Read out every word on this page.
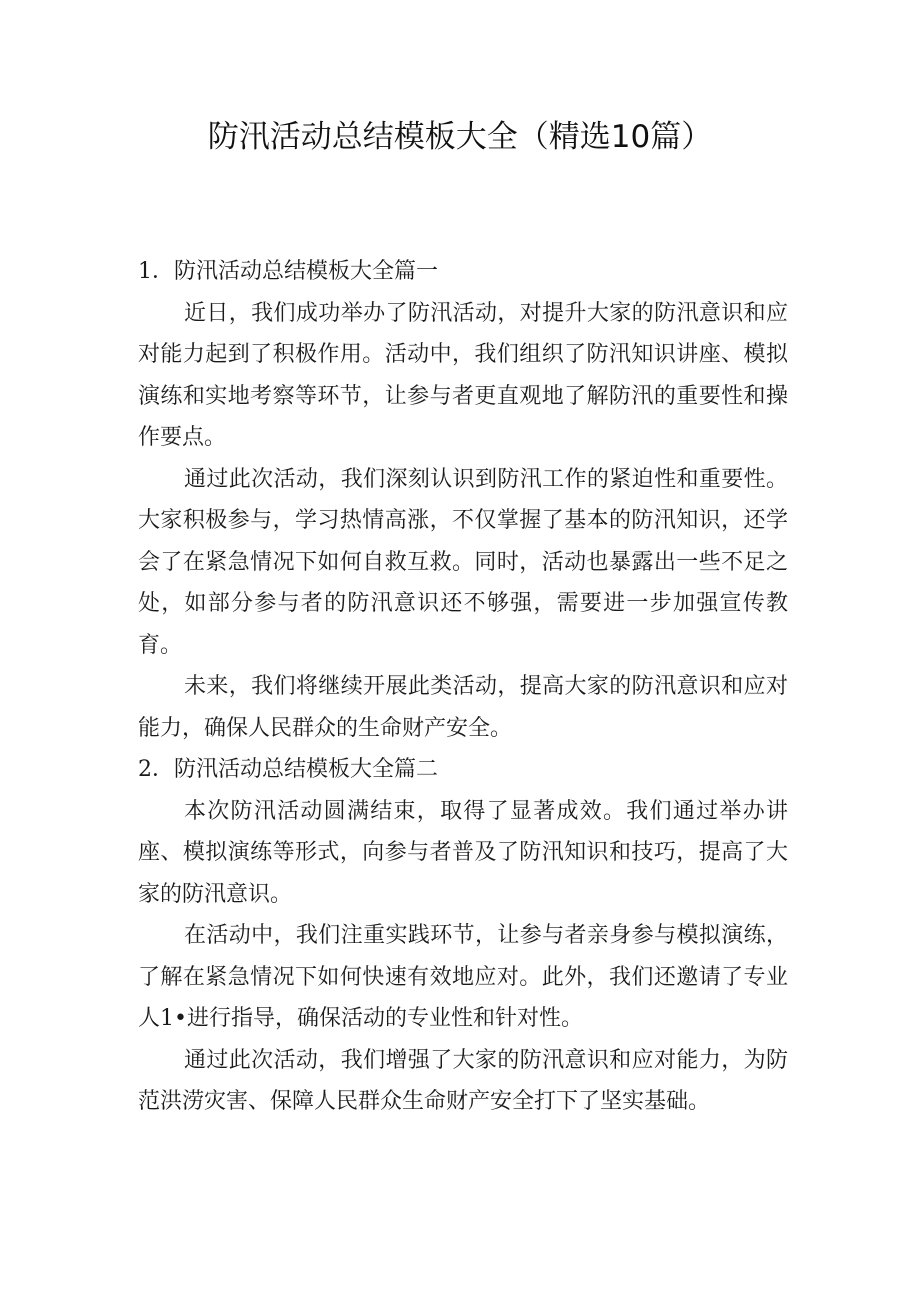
防汛活动总结模板大全（精选10篇）

1．防汛活动总结模板大全篇一

近日，我们成功举办了防汛活动，对提升大家的防汛意识和应对能力起到了积极作用。活动中，我们组织了防汛知识讲座、模拟演练和实地考察等环节，让参与者更直观地了解防汛的重要性和操作要点。

通过此次活动，我们深刻认识到防汛工作的紧迫性和重要性。大家积极参与，学习热情高涨，不仅掌握了基本的防汛知识，还学会了在紧急情况下如何自救互救。同时，活动也暴露出一些不足之处，如部分参与者的防汛意识还不够强，需要进一步加强宣传教育。

未来，我们将继续开展此类活动，提高大家的防汛意识和应对能力，确保人民群众的生命财产安全。

2．防汛活动总结模板大全篇二

本次防汛活动圆满结束，取得了显著成效。我们通过举办讲座、模拟演练等形式，向参与者普及了防汛知识和技巧，提高了大家的防汛意识。

在活动中，我们注重实践环节，让参与者亲身参与模拟演练，了解在紧急情况下如何快速有效地应对。此外，我们还邀请了专业人1•进行指导，确保活动的专业性和针对性。

通过此次活动，我们增强了大家的防汛意识和应对能力，为防范洪涝灾害、保障人民群众生命财产安全打下了坚实基础。
